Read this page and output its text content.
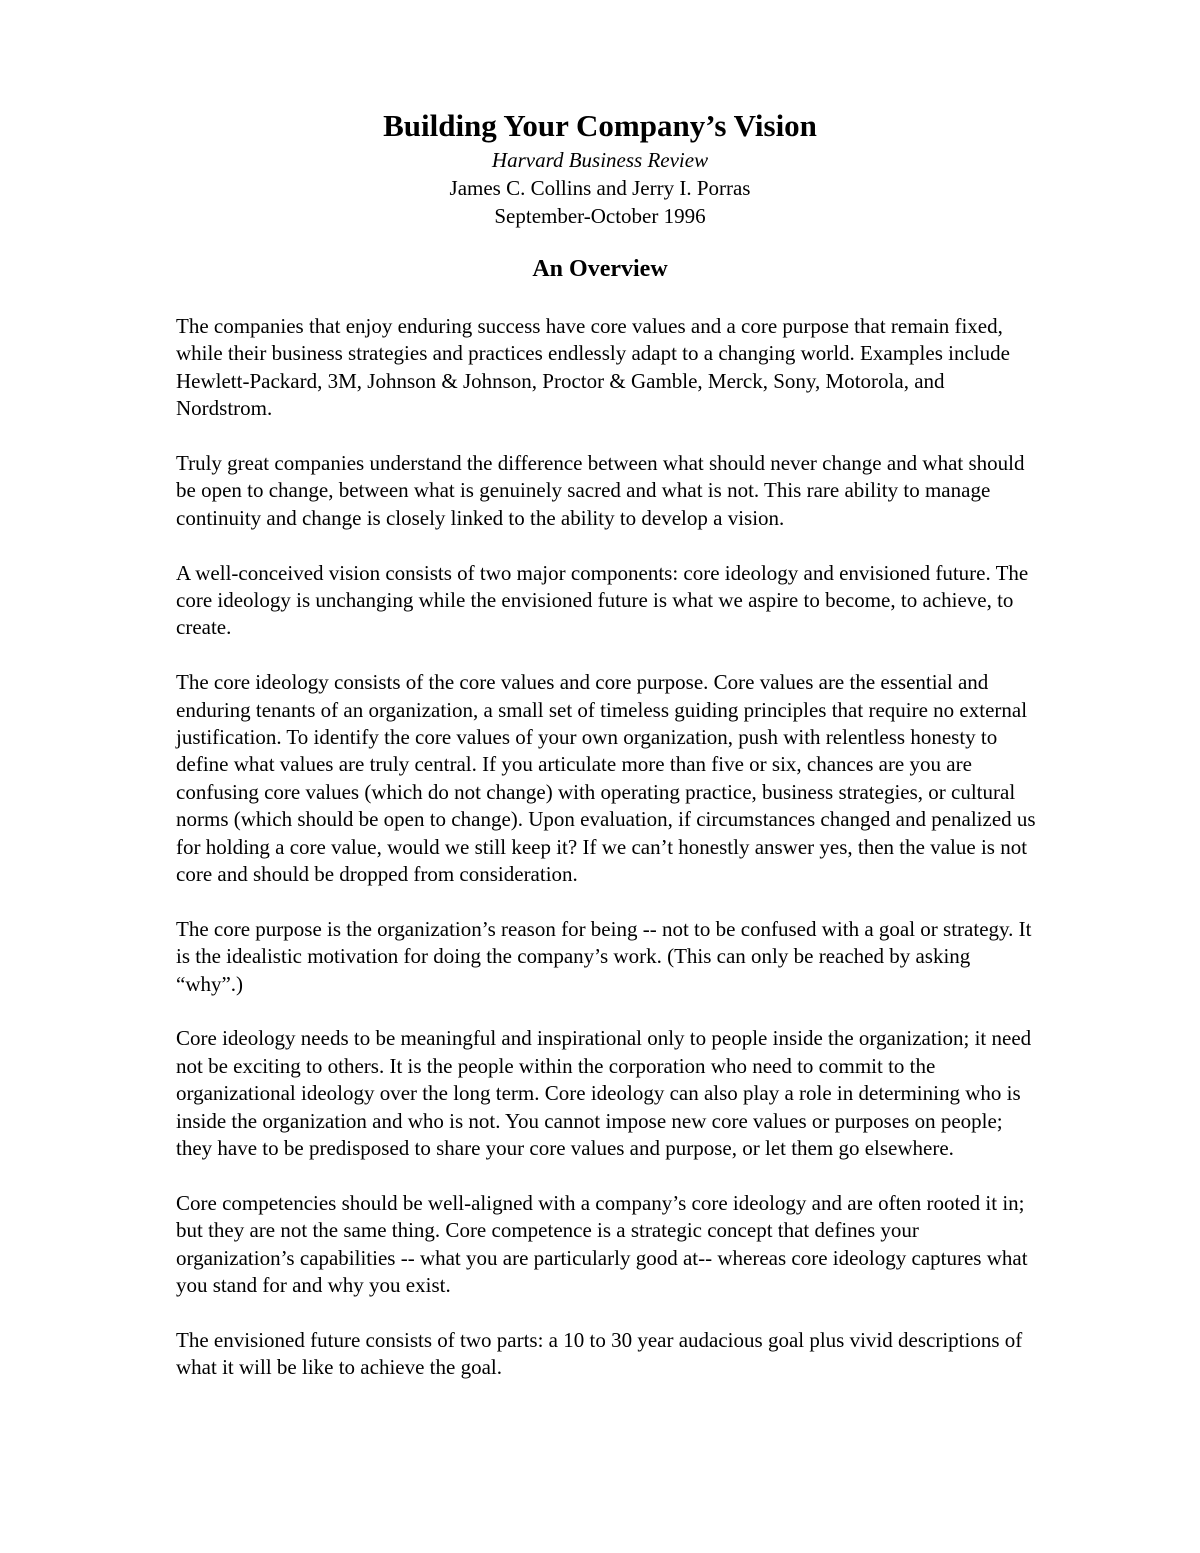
Building Your Company’s Vision

Harvard Business Review

James C. Collins and Jerry I. Porras

September-October 1996

An Overview

The companies that enjoy enduring success have core values and a core purpose that remain fixed, while their business strategies and practices endlessly adapt to a changing world. Examples include Hewlett-Packard, 3M, Johnson & Johnson, Proctor & Gamble, Merck, Sony, Motorola, and Nordstrom.

Truly great companies understand the difference between what should never change and what should be open to change, between what is genuinely sacred and what is not. This rare ability to manage continuity and change is closely linked to the ability to develop a vision.

A well-conceived vision consists of two major components: core ideology and envisioned future. The core ideology is unchanging while the envisioned future is what we aspire to become, to achieve, to create.

The core ideology consists of the core values and core purpose. Core values are the essential and enduring tenants of an organization, a small set of timeless guiding principles that require no external justification. To identify the core values of your own organization, push with relentless honesty to define what values are truly central. If you articulate more than five or six, chances are you are confusing core values (which do not change) with operating practice, business strategies, or cultural norms (which should be open to change). Upon evaluation, if circumstances changed and penalized us for holding a core value, would we still keep it? If we can’t honestly answer yes, then the value is not core and should be dropped from consideration.

The core purpose is the organization’s reason for being -- not to be confused with a goal or strategy. It is the idealistic motivation for doing the company’s work. (This can only be reached by asking “why”.)

Core ideology needs to be meaningful and inspirational only to people inside the organization; it need not be exciting to others. It is the people within the corporation who need to commit to the organizational ideology over the long term. Core ideology can also play a role in determining who is inside the organization and who is not. You cannot impose new core values or purposes on people; they have to be predisposed to share your core values and purpose, or let them go elsewhere.

Core competencies should be well-aligned with a company’s core ideology and are often rooted it in; but they are not the same thing. Core competence is a strategic concept that defines your organization’s capabilities -- what you are particularly good at-- whereas core ideology captures what you stand for and why you exist.

The envisioned future consists of two parts: a 10 to 30 year audacious goal plus vivid descriptions of what it will be like to achieve the goal.
